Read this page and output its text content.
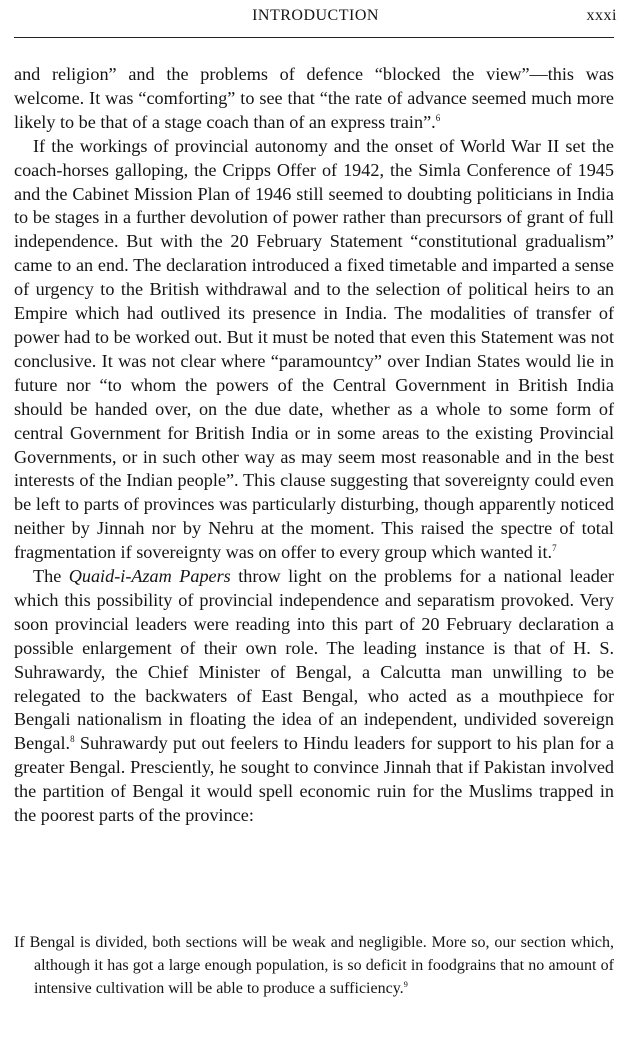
INTRODUCTION	xxxi

and religion” and the problems of defence “blocked the view”—this was welcome. It was “comforting” to see that “the rate of advance seemed much more likely to be that of a stage coach than of an express train”.$^6$

If the workings of provincial autonomy and the onset of World War II set the coach-horses galloping, the Cripps Offer of 1942, the Simla Conference of 1945 and the Cabinet Mission Plan of 1946 still seemed to doubting politicians in India to be stages in a further devolution of power rather than precursors of grant of full independence. But with the 20 February Statement “constitutional gradualism” came to an end. The declaration introduced a fixed timetable and imparted a sense of urgency to the British withdrawal and to the selection of political heirs to an Empire which had outlived its presence in India. The modalities of transfer of power had to be worked out. But it must be noted that even this Statement was not conclusive. It was not clear where “paramountcy” over Indian States would lie in future nor “to whom the powers of the Central Government in British India should be handed over, on the due date, whether as a whole to some form of central Government for British India or in some areas to the existing Provincial Governments, or in such other way as may seem most reasonable and in the best interests of the Indian people”. This clause suggesting that sovereignty could even be left to parts of provinces was particularly disturbing, though apparently noticed neither by Jinnah nor by Nehru at the moment. This raised the spectre of total fragmentation if sovereignty was on offer to every group which wanted it.$^7$

The Quaid-i-Azam Papers throw light on the problems for a national leader which this possibility of provincial independence and separatism provoked. Very soon provincial leaders were reading into this part of 20 February declaration a possible enlargement of their own role. The leading instance is that of H. S. Suhrawardy, the Chief Minister of Bengal, a Calcutta man unwilling to be relegated to the backwaters of East Bengal, who acted as a mouthpiece for Bengali nationalism in floating the idea of an independent, undivided sovereign Bengal.$^8$ Suhrawardy put out feelers to Hindu leaders for support to his plan for a greater Bengal. Presciently, he sought to convince Jinnah that if Pakistan involved the partition of Bengal it would spell economic ruin for the Muslims trapped in the poorest parts of the province:

If Bengal is divided, both sections will be weak and negligible. More so, our section which, although it has got a large enough population, is so deficit in foodgrains that no amount of intensive cultivation will be able to produce a sufficiency.$^9$
